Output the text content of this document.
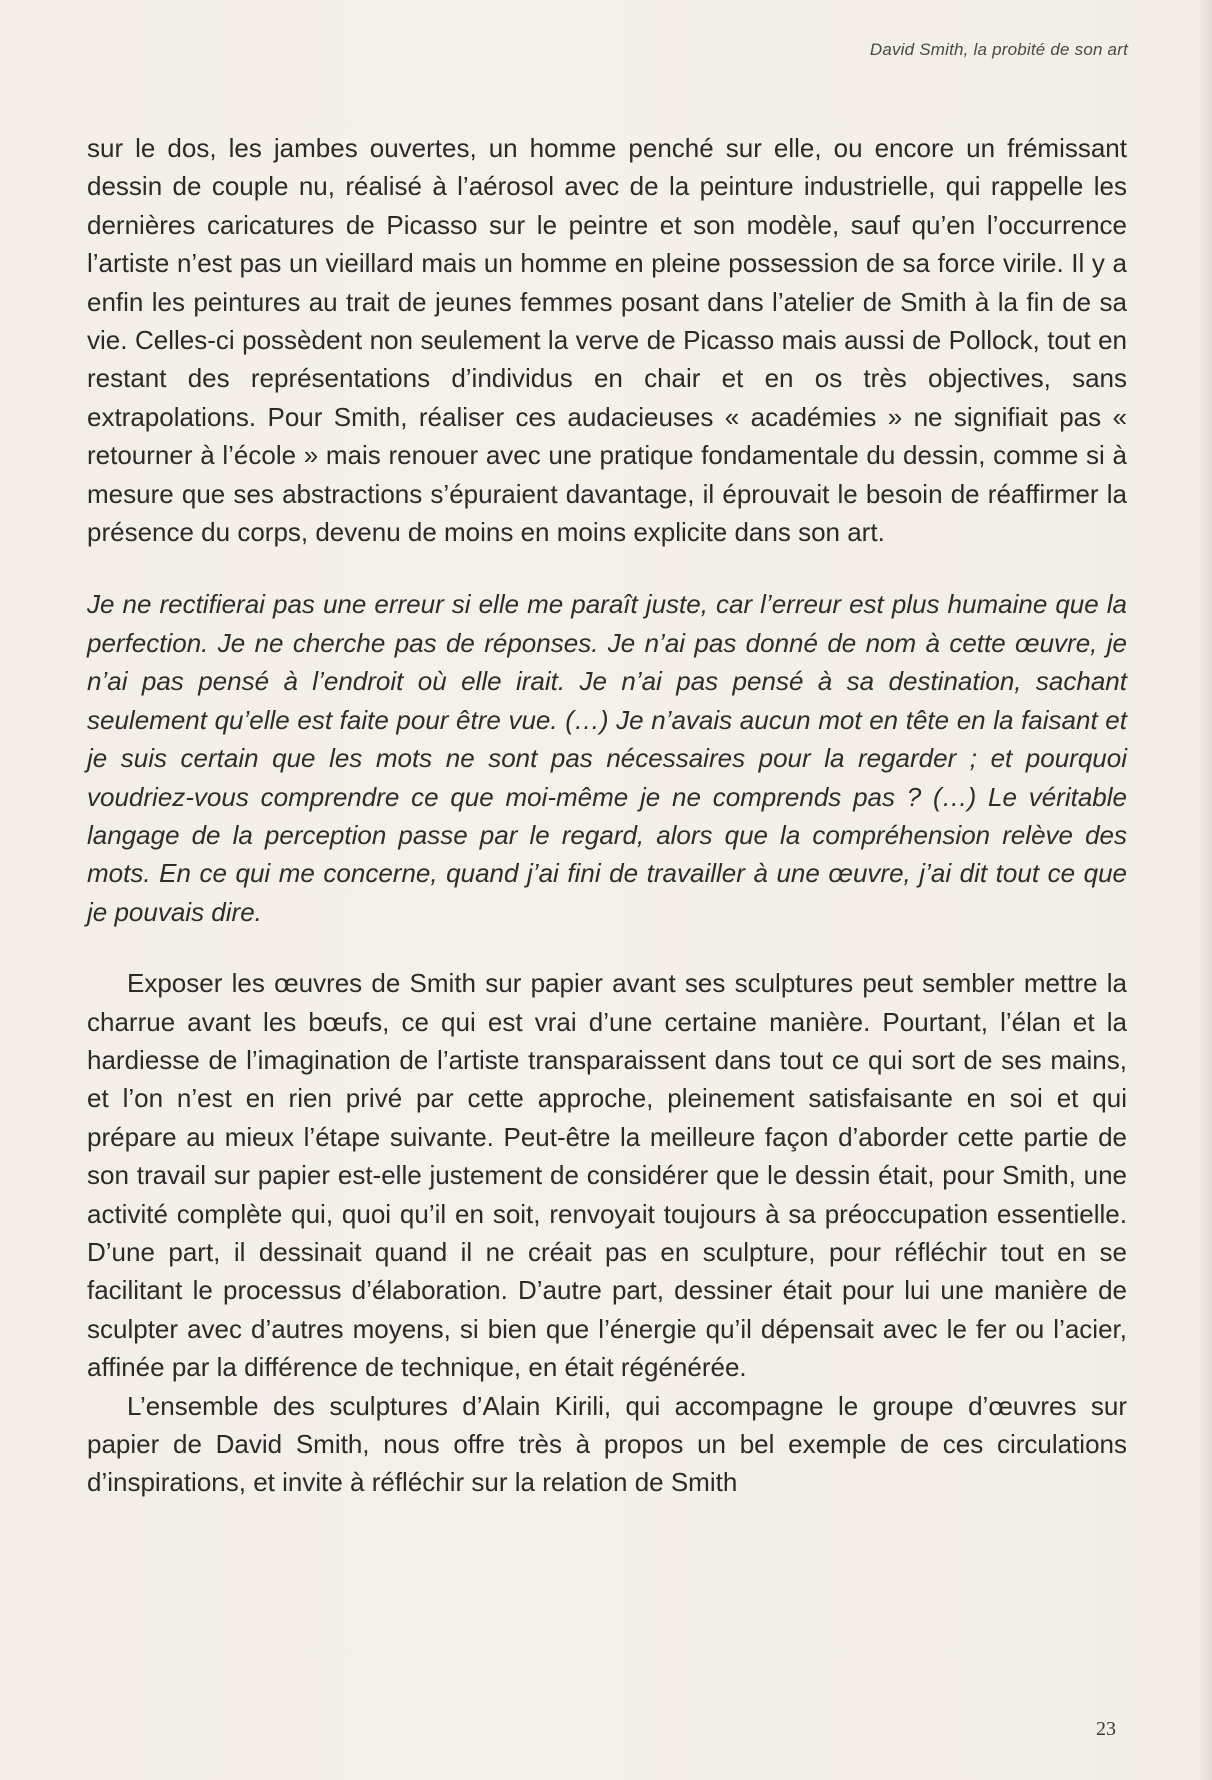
David Smith, la probité de son art

sur le dos, les jambes ouvertes, un homme penché sur elle, ou encore un frémissant dessin de couple nu, réalisé à l’aérosol avec de la peinture industrielle, qui rappelle les dernières caricatures de Picasso sur le peintre et son modèle, sauf qu’en l’occurrence l’artiste n’est pas un vieillard mais un homme en pleine possession de sa force virile. Il y a enfin les peintures au trait de jeunes femmes posant dans l’atelier de Smith à la fin de sa vie. Celles-ci possèdent non seulement la verve de Picasso mais aussi de Pollock, tout en restant des représentations d’individus en chair et en os très objectives, sans extrapolations. Pour Smith, réaliser ces audacieuses « académies » ne signifiait pas « retourner à l’école » mais renouer avec une pratique fondamentale du dessin, comme si à mesure que ses abstractions s’épuraient davantage, il éprouvait le besoin de réaffirmer la présence du corps, devenu de moins en moins explicite dans son art.

Je ne rectifierai pas une erreur si elle me paraît juste, car l’erreur est plus humaine que la perfection. Je ne cherche pas de réponses. Je n’ai pas donné de nom à cette œuvre, je n’ai pas pensé à l’endroit où elle irait. Je n’ai pas pensé à sa destination, sachant seulement qu’elle est faite pour être vue. (…) Je n’avais aucun mot en tête en la faisant et je suis certain que les mots ne sont pas nécessaires pour la regarder ; et pourquoi voudriez-vous comprendre ce que moi-même je ne comprends pas ? (…) Le véritable langage de la perception passe par le regard, alors que la compréhension relève des mots. En ce qui me concerne, quand j’ai fini de travailler à une œuvre, j’ai dit tout ce que je pouvais dire.

Exposer les œuvres de Smith sur papier avant ses sculptures peut sembler mettre la charrue avant les bœufs, ce qui est vrai d’une certaine manière. Pourtant, l’élan et la hardiesse de l’imagination de l’artiste transparaissent dans tout ce qui sort de ses mains, et l’on n’est en rien privé par cette approche, pleinement satisfaisante en soi et qui prépare au mieux l’étape suivante. Peut-être la meilleure façon d’aborder cette partie de son travail sur papier est-elle justement de considérer que le dessin était, pour Smith, une activité complète qui, quoi qu’il en soit, renvoyait toujours à sa préoccupation essentielle. D’une part, il dessinait quand il ne créait pas en sculpture, pour réfléchir tout en se facilitant le processus d’élaboration. D’autre part, dessiner était pour lui une manière de sculpter avec d’autres moyens, si bien que l’énergie qu’il dépensait avec le fer ou l’acier, affinée par la différence de technique, en était régénérée.

L’ensemble des sculptures d’Alain Kirili, qui accompagne le groupe d’œuvres sur papier de David Smith, nous offre très à propos un bel exemple de ces circulations d’inspirations, et invite à réfléchir sur la relation de Smith

23
